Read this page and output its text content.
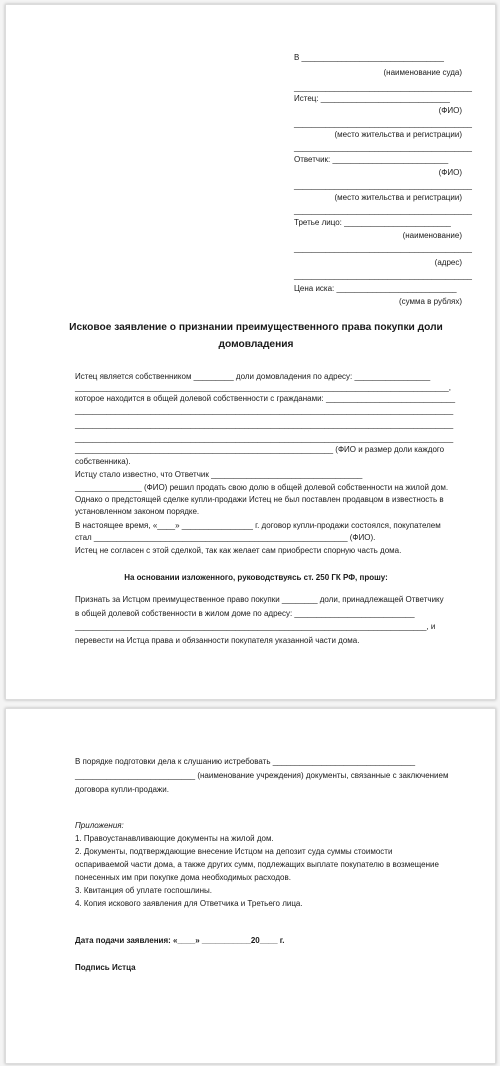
В ________________________________
(наименование суда)
________________________________________
Истец: _____________________________
(ФИО)
________________________________________
(место жительства и регистрации)
________________________________________
Ответчик: __________________________
(ФИО)
________________________________________
(место жительства и регистрации)
________________________________________
Третье лицо: ________________________
(наименование)
________________________________________
(адрес)
________________________________________
Цена иска: ___________________________
(сумма в рублях)
Исковое заявление о признании преимущественного права покупки доли
домовладения
Истец является собственником _________ доли домовладения по адресу: _________________
____________________________________________________________________________________,
которое находится в общей долевой собственности с гражданами: _____________________________
_____________________________________________________________________________________
_____________________________________________________________________________________
_____________________________________________________________________________________
__________________________________________________________ (ФИО и размер доли каждого
собственника).
Истцу стало известно, что Ответчик __________________________________
_______________ (ФИО) решил продать свою долю в общей долевой собственности на жилой дом.
Однако о предстоящей сделке купли-продажи Истец не был поставлен продавцом в известность в
установленном законом порядке.
В настоящее время, «____» ________________ г. договор купли-продажи состоялся, покупателем
стал _________________________________________________________ (ФИО).
Истец не согласен с этой сделкой, так как желает сам приобрести спорную часть дома.
На основании изложенного, руководствуясь ст. 250 ГК РФ, прошу:
Признать за Истцом преимущественное право покупки ________ доли, принадлежащей Ответчику
в общей долевой собственности в жилом доме по адресу: ___________________________
_______________________________________________________________________________, и
перевести на Истца права и обязанности покупателя указанной части дома.
В порядке подготовки дела к слушанию истребовать ________________________________
___________________________ (наименование учреждения) документы, связанные с заключением
договора купли-продажи.
Приложения:
1. Правоустанавливающие документы на жилой дом.
2. Документы, подтверждающие внесение Истцом на депозит суда суммы стоимости
оспариваемой части дома, а также других сумм, подлежащих выплате покупателю в возмещение
понесенных им при покупке дома необходимых расходов.
3. Квитанция об уплате госпошлины.
4. Копия искового заявления для Ответчика и Третьего лица.
Дата подачи заявления: «____» ___________20____ г.
Подпись Истца
